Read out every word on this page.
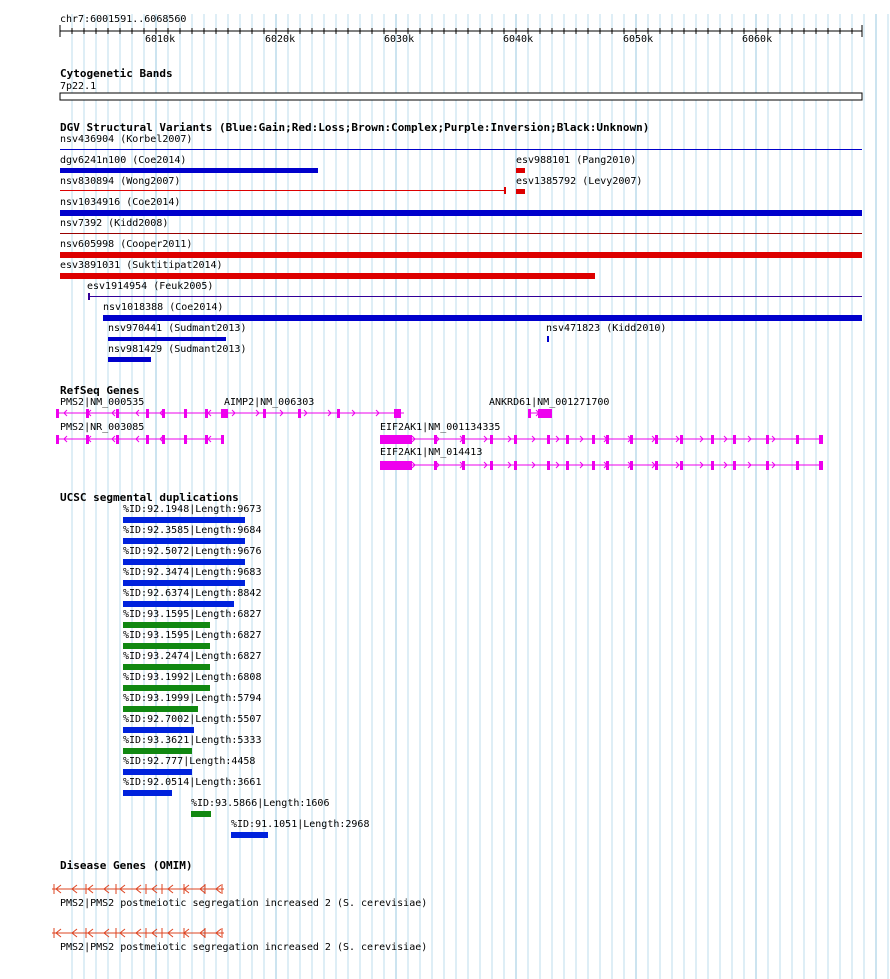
chr7:6001591..6068560
6010k	6020k	6030k	6040k	6050k	6060k
Cytogenetic Bands
7p22.1
DGV Structural Variants (Blue:Gain;Red:Loss;Brown:Complex;Purple:Inversion;Black:Unknown)
nsv436904 (Korbel2007)
dgv6241n100 (Coe2014)	esv988101 (Pang2010)
nsv830894 (Wong2007)	esv1385792 (Levy2007)
nsv1034916 (Coe2014)
nsv7392 (Kidd2008)
nsv605998 (Cooper2011)
esv3891031 (Suktitipat2014)
esv1914954 (Feuk2005)
nsv1018388 (Coe2014)
nsv970441 (Sudmant2013)	nsv471823 (Kidd2010)
nsv981429 (Sudmant2013)
RefSeq Genes
PMS2|NM_000535	AIMP2|NM_006303	ANKRD61|NM_001271700
PMS2|NR_003085	EIF2AK1|NM_001134335
EIF2AK1|NM_014413
UCSC segmental duplications
%ID:92.1948|Length:9673
%ID:92.3585|Length:9684
%ID:92.5072|Length:9676
%ID:92.3474|Length:9683
%ID:92.6374|Length:8842
%ID:93.1595|Length:6827
%ID:93.1595|Length:6827
%ID:93.2474|Length:6827
%ID:93.1992|Length:6808
%ID:93.1999|Length:5794
%ID:92.7002|Length:5507
%ID:93.3621|Length:5333
%ID:92.777|Length:4458
%ID:92.0514|Length:3661
%ID:93.5866|Length:1606
%ID:91.1051|Length:2968
Disease Genes (OMIM)
PMS2|PMS2 postmeiotic segregation increased 2 (S. cerevisiae)
PMS2|PMS2 postmeiotic segregation increased 2 (S. cerevisiae)
